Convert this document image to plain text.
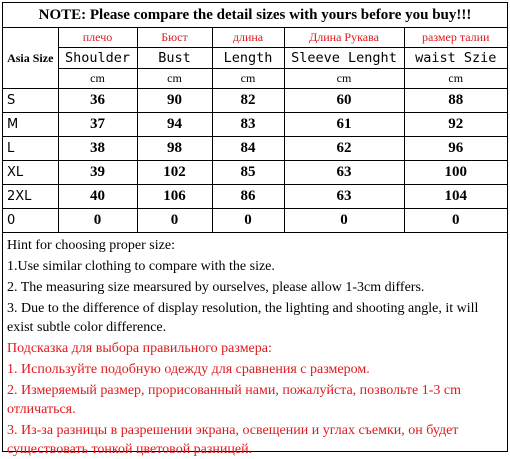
NOTE: Please compare the detail sizes with yours before you buy!!!
Asia Size	плечо	Бюст	длина	Длина Рукава	размер талии
	Shoulder	Bust	Length	Sleeve Lenght	waist Szie
	cm	cm	cm	cm	cm
S	36	90	82	60	88
M	37	94	83	61	92
L	38	98	84	62	96
XL	39	102	85	63	100
2XL	40	106	86	63	104
0	0	0	0	0	0
Hint for choosing proper size:
1.Use similar clothing to compare with the size.
2. The measuring size mearsured by ourselves, please allow 1-3cm differs.
3. Due to the difference of display resolution, the lighting and shooting angle, it will exist subtle color difference.
Подсказка для выбора правильного размера:
1. Используйте подобную одежду для сравнения с размером.
2. Измеряемый размер, прорисованный нами, пожалуйста, позвольте 1-3 cm отличаться.
3. Из-за разницы в разрешении экрана, освещении и углах съемки, он будет существовать тонкой цветовой разницей.
